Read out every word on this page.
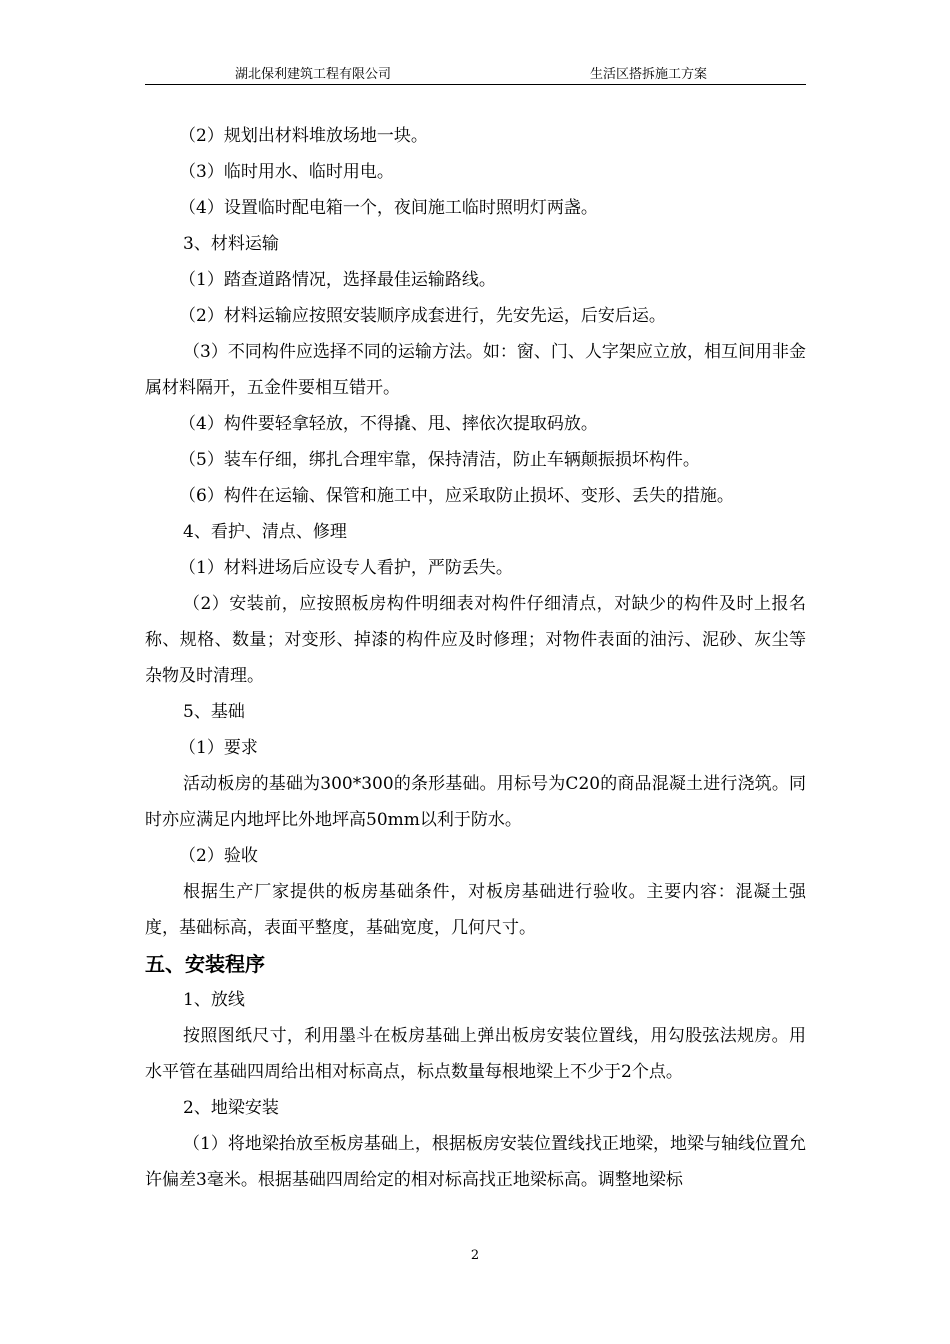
湖北保利建筑工程有限公司	生活区搭拆施工方案

（2）规划出材料堆放场地一块。

（3）临时用水、临时用电。

（4）设置临时配电箱一个，夜间施工临时照明灯两盏。

3、材料运输

（1）踏查道路情况，选择最佳运输路线。

（2）材料运输应按照安装顺序成套进行，先安先运，后安后运。

（3）不同构件应选择不同的运输方法。如：窗、门、人字架应立放，相互间用非金属材料隔开，五金件要相互错开。

（4）构件要轻拿轻放，不得撬、甩、摔依次提取码放。

（5）装车仔细，绑扎合理牢靠，保持清洁，防止车辆颠振损坏构件。

（6）构件在运输、保管和施工中，应采取防止损坏、变形、丢失的措施。

4、看护、清点、修理

（1）材料进场后应设专人看护，严防丢失。

（2）安装前，应按照板房构件明细表对构件仔细清点，对缺少的构件及时上报名称、规格、数量；对变形、掉漆的构件应及时修理；对物件表面的油污、泥砂、灰尘等杂物及时清理。

5、基础

（1）要求

活动板房的基础为300*300的条形基础。用标号为C20的商品混凝土进行浇筑。同时亦应满足内地坪比外地坪高50mm以利于防水。

（2）验收

根据生产厂家提供的板房基础条件，对板房基础进行验收。主要内容：混凝土强度，基础标高，表面平整度，基础宽度，几何尺寸。

五、安装程序

1、放线

按照图纸尺寸，利用墨斗在板房基础上弹出板房安装位置线，用勾股弦法规房。用水平管在基础四周给出相对标高点，标点数量每根地梁上不少于2个点。

2、地梁安装

（1）将地梁抬放至板房基础上，根据板房安装位置线找正地梁，地梁与轴线位置允许偏差3毫米。根据基础四周给定的相对标高找正地梁标高。调整地梁标

2
